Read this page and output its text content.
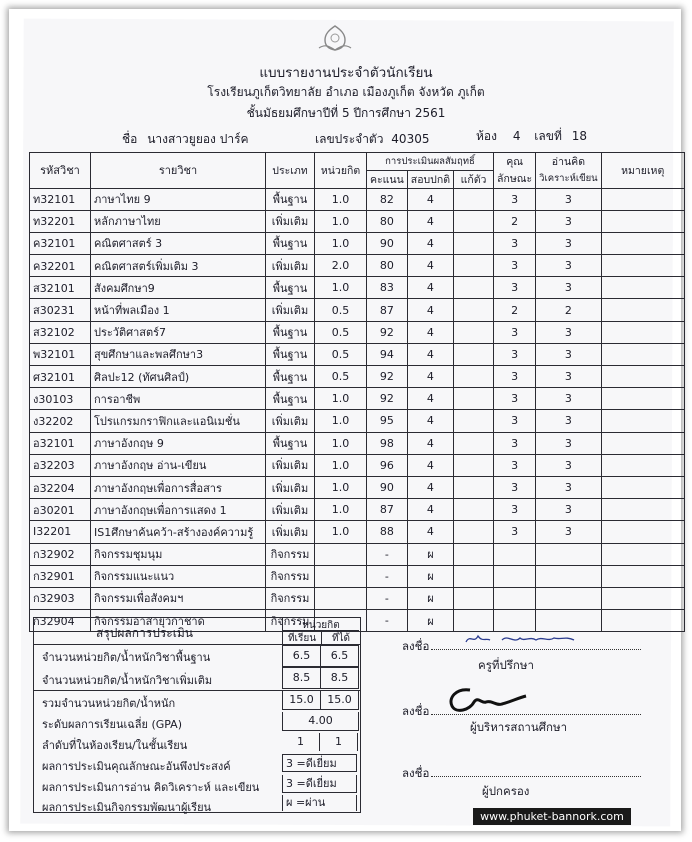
แบบรายงานประจำตัวนักเรียน
โรงเรียนภูเก็ตวิทยาลัย อำเภอ เมืองภูเก็ต จังหวัด ภูเก็ต
ชั้นมัธยมศึกษาปีที่ 5 ปีการศึกษา 2561
ชื่อ นางสาวยูยอง ปาร์ค	เลขประจำตัว 40305	ห้อง 4 เลขที่ 18
รหัสวิชา	รายวิชา	ประเภท	หน่วยกิต	การประเมินผลสัมฤทธิ์			คุณ	อ่านคิด	หมายเหตุ
				คะแนน	สอบปกติ	แก้ตัว	ลักษณะ	วิเคราะห์เขียน	
ท32101	ภาษาไทย 9	พื้นฐาน	1.0	82	4		3	3	
ท32201	หลักภาษาไทย	เพิ่มเติม	1.0	80	4		2	3	
ค32101	คณิตศาสตร์ 3	พื้นฐาน	1.0	90	4		3	3	
ค32201	คณิตศาสตร์เพิ่มเติม 3	เพิ่มเติม	2.0	80	4		3	3	
ส32101	สังคมศึกษา9	พื้นฐาน	1.0	83	4		3	3	
ส30231	หน้าที่พลเมือง 1	เพิ่มเติม	0.5	87	4		2	2	
ส32102	ประวัติศาสตร์7	พื้นฐาน	0.5	92	4		3	3	
พ32101	สุขศึกษาและพลศึกษา3	พื้นฐาน	0.5	94	4		3	3	
ศ32101	ศิลปะ12 (ทัศนศิลป์)	พื้นฐาน	0.5	92	4		3	3	
ง30103	การอาชีพ	พื้นฐาน	1.0	92	4		3	3	
ง32202	โปรแกรมกราฟิกและแอนิเมชั่น	เพิ่มเติม	1.0	95	4		3	3	
อ32101	ภาษาอังกฤษ 9	พื้นฐาน	1.0	98	4		3	3	
อ32203	ภาษาอังกฤษ อ่าน-เขียน	เพิ่มเติม	1.0	96	4		3	3	
อ32204	ภาษาอังกฤษเพื่อการสื่อสาร	เพิ่มเติม	1.0	90	4		3	3	
อ30201	ภาษาอังกฤษเพื่อการแสดง 1	เพิ่มเติม	1.0	87	4		3	3	
I32201	IS1ศึกษาค้นคว้า-สร้างองค์ความรู้	เพิ่มเติม	1.0	88	4		3	3	
ก32902	กิจกรรมชุมนุม	กิจกรรม		-	ผ				
ก32901	กิจกรรมแนะแนว	กิจกรรม		-	ผ				
ก32903	กิจกรรมเพื่อสังคมฯ	กิจกรรม		-	ผ				
ก32904	กิจกรรมอาสายุวกาชาด	กิจกรรม		-	ผ				
สรุปผลการประเมิน
หน่วยกิต
ที่เรียน	ที่ได้
จำนวนหน่วยกิต/น้ำหนักวิชาพื้นฐาน	6.5	6.5
จำนวนหน่วยกิต/น้ำหนักวิชาเพิ่มเติม	8.5	8.5
รวมจำนวนหน่วยกิต/น้ำหนัก	15.0	15.0
ระดับผลการเรียนเฉลี่ย (GPA)	4.00
ลำดับที่ในห้องเรียน/ในชั้นเรียน	1	1
ผลการประเมินคุณลักษณะอันพึงประสงค์	3 =ดีเยี่ยม
ผลการประเมินการอ่าน คิดวิเคราะห์ และเขียน	3 =ดีเยี่ยม
ผลการประเมินกิจกรรมพัฒนาผู้เรียน	ผ =ผ่าน
ลงชื่อ
ครูที่ปรึกษา
ลงชื่อ
ผู้บริหารสถานศึกษา
ลงชื่อ
ผู้ปกครอง
www.phuket-bannork.com
